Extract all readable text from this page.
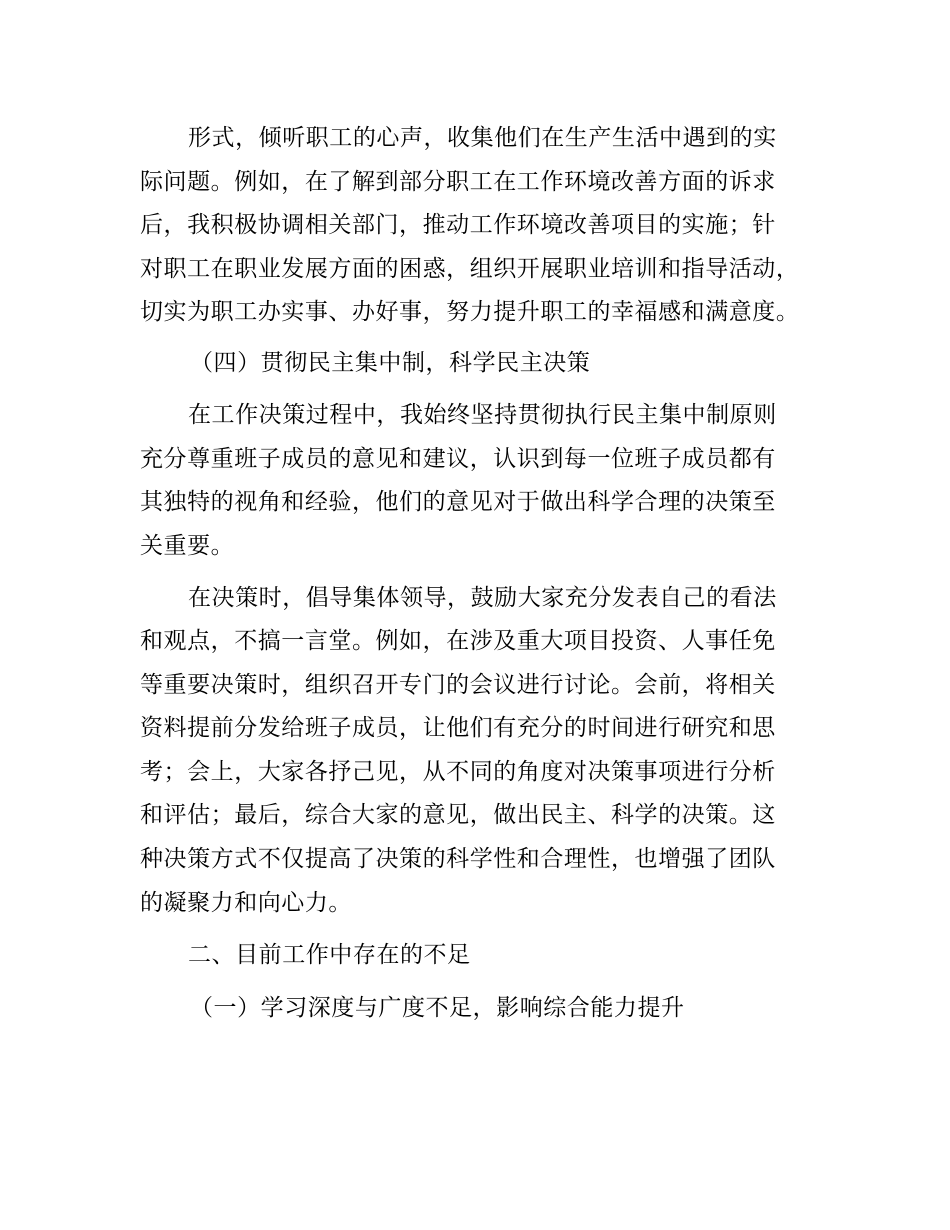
形式，倾听职工的心声，收集他们在生产生活中遇到的实
际问题。例如，在了解到部分职工在工作环境改善方面的诉求
后，我积极协调相关部门，推动工作环境改善项目的实施；针
对职工在职业发展方面的困惑，组织开展职业培训和指导活动，
切实为职工办实事、办好事，努力提升职工的幸福感和满意度。
（四）贯彻民主集中制，科学民主决策
在工作决策过程中，我始终坚持贯彻执行民主集中制原则
充分尊重班子成员的意见和建议，认识到每一位班子成员都有
其独特的视角和经验，他们的意见对于做出科学合理的决策至
关重要。
在决策时，倡导集体领导，鼓励大家充分发表自己的看法
和观点，不搞一言堂。例如，在涉及重大项目投资、人事任免
等重要决策时，组织召开专门的会议进行讨论。会前，将相关
资料提前分发给班子成员，让他们有充分的时间进行研究和思
考；会上，大家各抒己见，从不同的角度对决策事项进行分析
和评估；最后，综合大家的意见，做出民主、科学的决策。这
种决策方式不仅提高了决策的科学性和合理性，也增强了团队
的凝聚力和向心力。
二、目前工作中存在的不足
（一）学习深度与广度不足，影响综合能力提升
